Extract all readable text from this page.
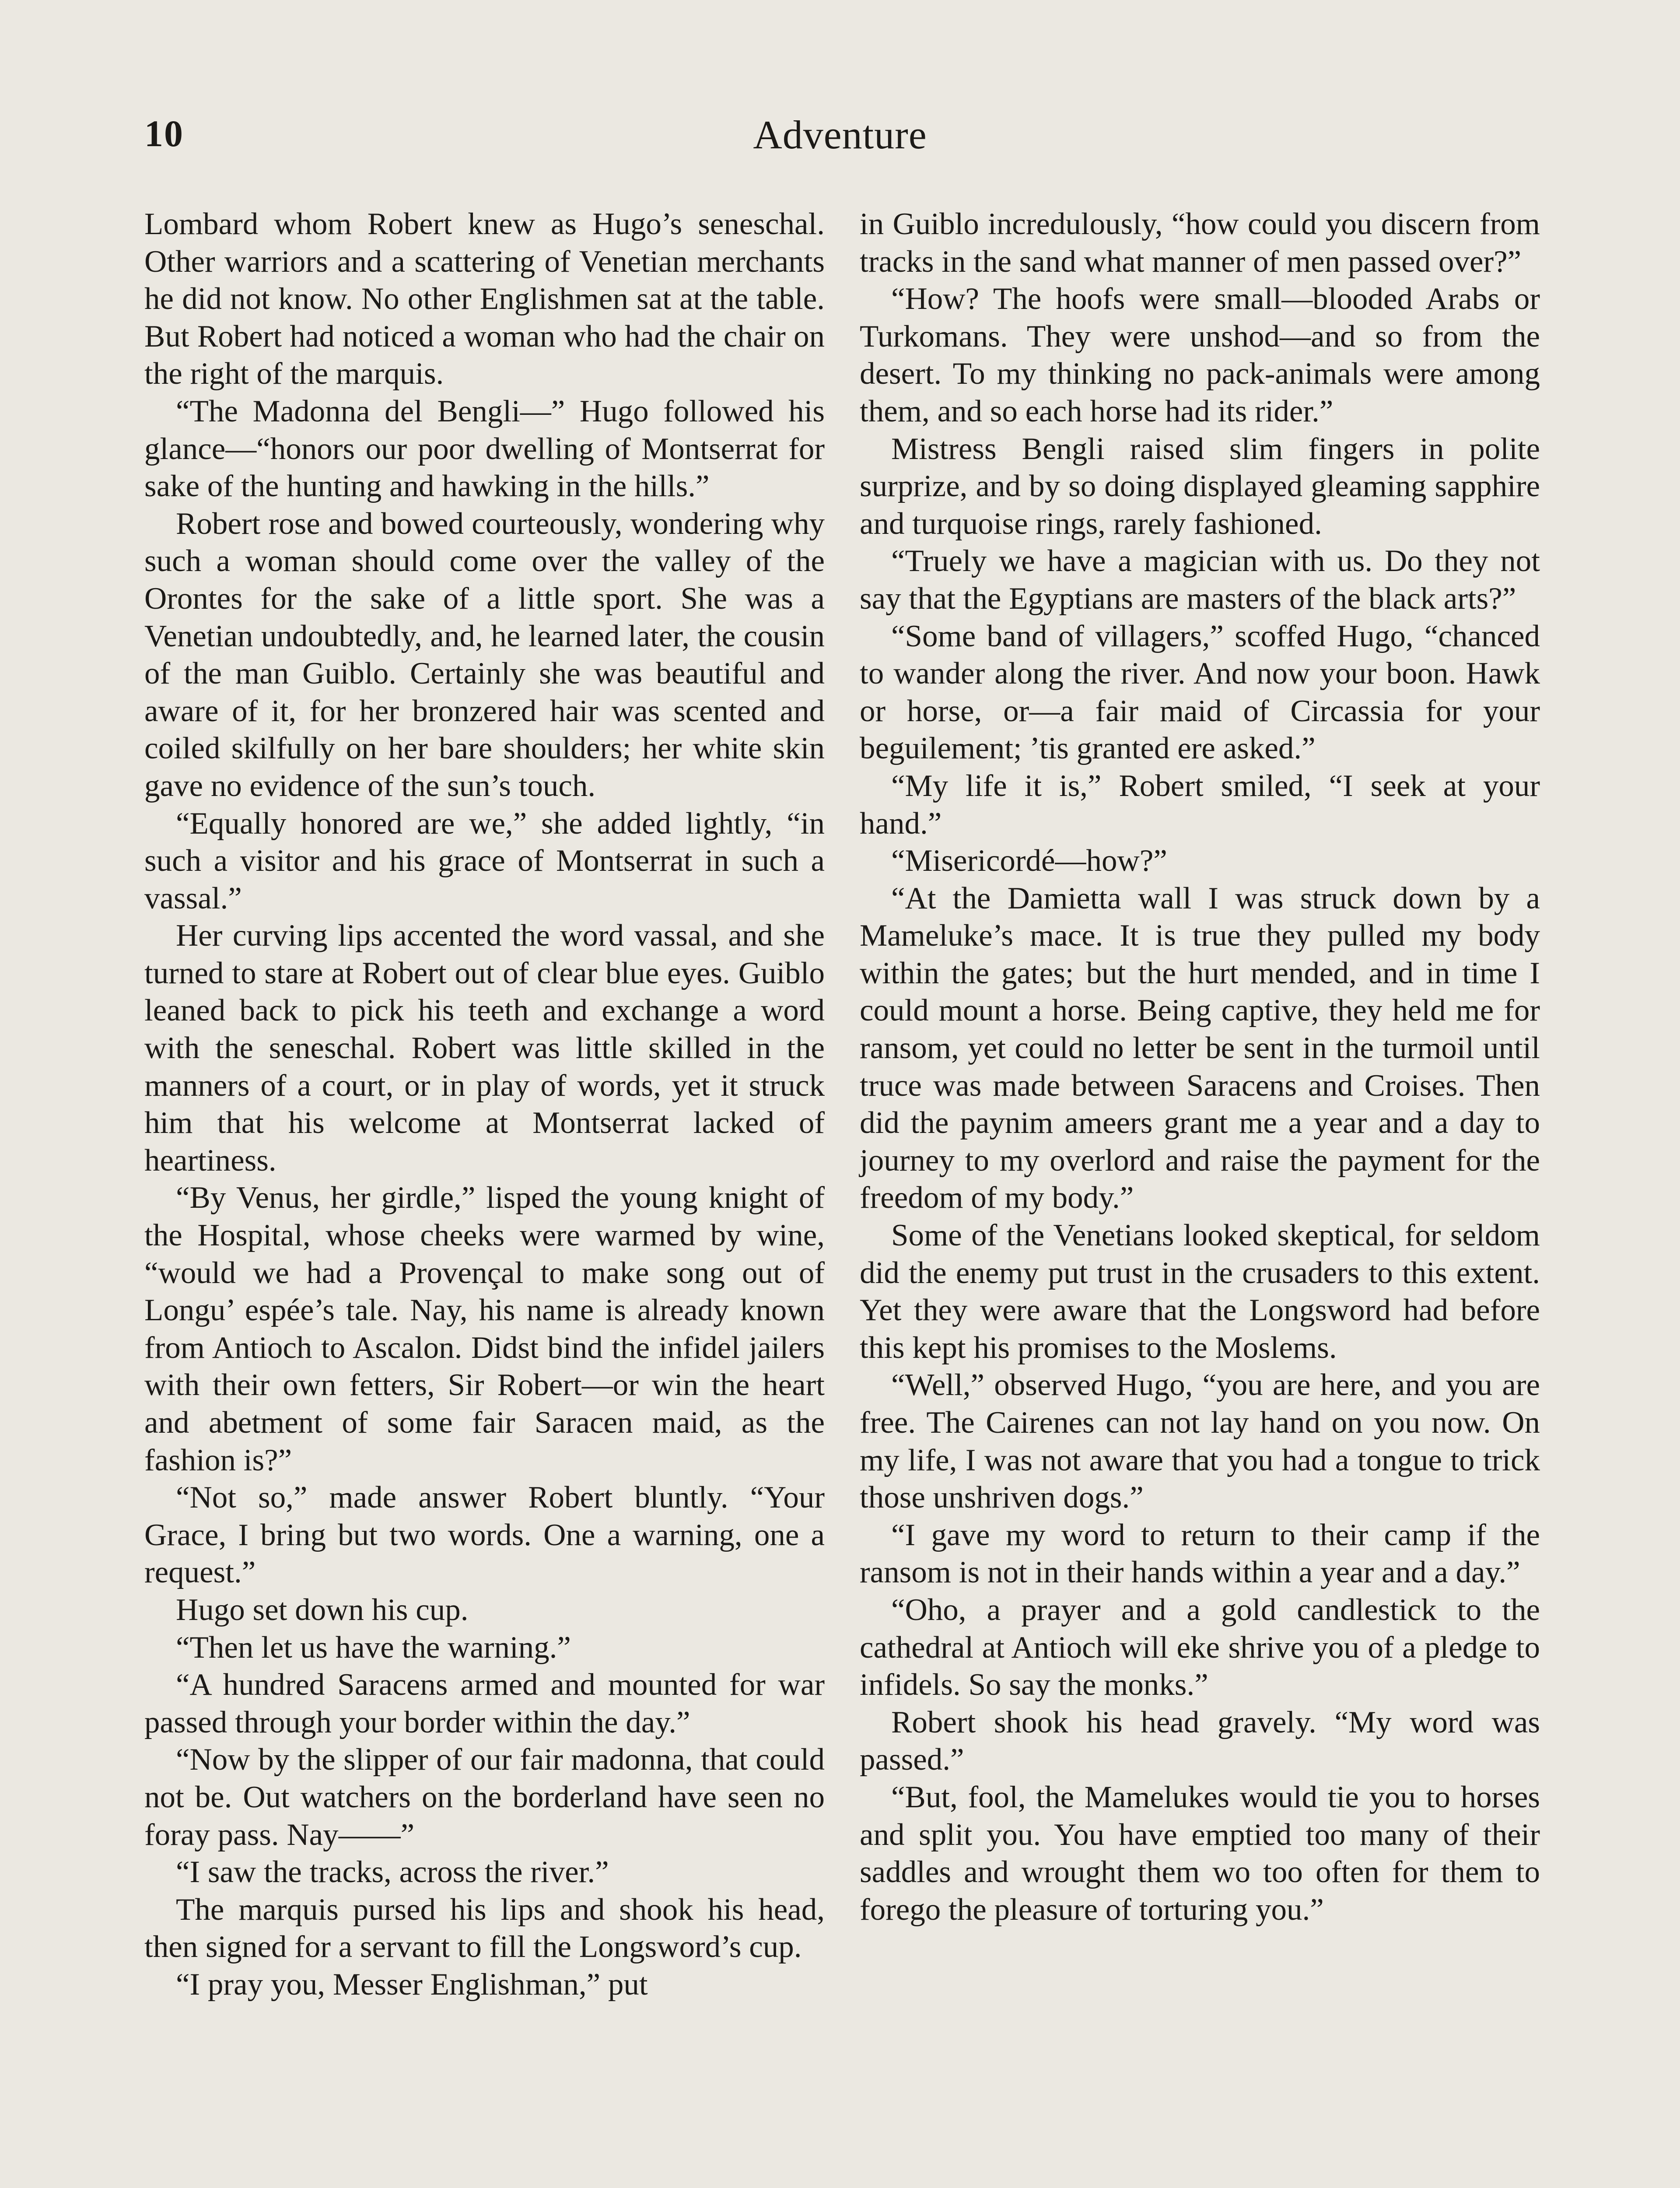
10	Adventure

Lombard whom Robert knew as Hugo’s seneschal. Other warriors and a scattering of Venetian merchants he did not know. No other Englishmen sat at the table. But Robert had noticed a woman who had the chair on the right of the marquis.

“The Madonna del Bengli—” Hugo followed his glance—“honors our poor dwelling of Montserrat for sake of the hunting and hawking in the hills.”

Robert rose and bowed courteously, wondering why such a woman should come over the valley of the Orontes for the sake of a little sport. She was a Venetian undoubtedly, and, he learned later, the cousin of the man Guiblo. Certainly she was beautiful and aware of it, for her bronzered hair was scented and coiled skilfully on her bare shoulders; her white skin gave no evidence of the sun’s touch.

“Equally honored are we,” she added lightly, “in such a visitor and his grace of Montserrat in such a vassal.”

Her curving lips accented the word vassal, and she turned to stare at Robert out of clear blue eyes. Guiblo leaned back to pick his teeth and exchange a word with the seneschal. Robert was little skilled in the manners of a court, or in play of words, yet it struck him that his welcome at Montserrat lacked of heartiness.

“By Venus, her girdle,” lisped the young knight of the Hospital, whose cheeks were warmed by wine, “would we had a Provençal to make song out of Longu’ espée’s tale. Nay, his name is already known from Antioch to Ascalon. Didst bind the infidel jailers with their own fetters, Sir Robert—or win the heart and abetment of some fair Saracen maid, as the fashion is?”

“Not so,” made answer Robert bluntly. “Your Grace, I bring but two words. One a warning, one a request.”

Hugo set down his cup.

“Then let us have the warning.”

“A hundred Saracens armed and mounted for war passed through your border within the day.”

“Now by the slipper of our fair madonna, that could not be. Out watchers on the borderland have seen no foray pass. Nay——”

“I saw the tracks, across the river.”

The marquis pursed his lips and shook his head, then signed for a servant to fill the Longsword’s cup.

“I pray you, Messer Englishman,” put

in Guiblo incredulously, “how could you discern from tracks in the sand what manner of men passed over?”

“How? The hoofs were small—blooded Arabs or Turkomans. They were unshod—and so from the desert. To my thinking no pack-animals were among them, and so each horse had its rider.”

Mistress Bengli raised slim fingers in polite surprize, and by so doing displayed gleaming sapphire and turquoise rings, rarely fashioned.

“Truely we have a magician with us. Do they not say that the Egyptians are masters of the black arts?”

“Some band of villagers,” scoffed Hugo, “chanced to wander along the river. And now your boon. Hawk or horse, or—a fair maid of Circassia for your beguilement; ’tis granted ere asked.”

“My life it is,” Robert smiled, “I seek at your hand.”

“Misericordé—how?”

“At the Damietta wall I was struck down by a Mameluke’s mace. It is true they pulled my body within the gates; but the hurt mended, and in time I could mount a horse. Being captive, they held me for ransom, yet could no letter be sent in the turmoil until truce was made between Saracens and Croises. Then did the paynim ameers grant me a year and a day to journey to my overlord and raise the payment for the freedom of my body.”

Some of the Venetians looked skeptical, for seldom did the enemy put trust in the crusaders to this extent. Yet they were aware that the Longsword had before this kept his promises to the Moslems.

“Well,” observed Hugo, “you are here, and you are free. The Cairenes can not lay hand on you now. On my life, I was not aware that you had a tongue to trick those unshriven dogs.”

“I gave my word to return to their camp if the ransom is not in their hands within a year and a day.”

“Oho, a prayer and a gold candlestick to the cathedral at Antioch will eke shrive you of a pledge to infidels. So say the monks.”

Robert shook his head gravely. “My word was passed.”

“But, fool, the Mamelukes would tie you to horses and split you. You have emptied too many of their saddles and wrought them wo too often for them to forego the pleasure of torturing you.”
